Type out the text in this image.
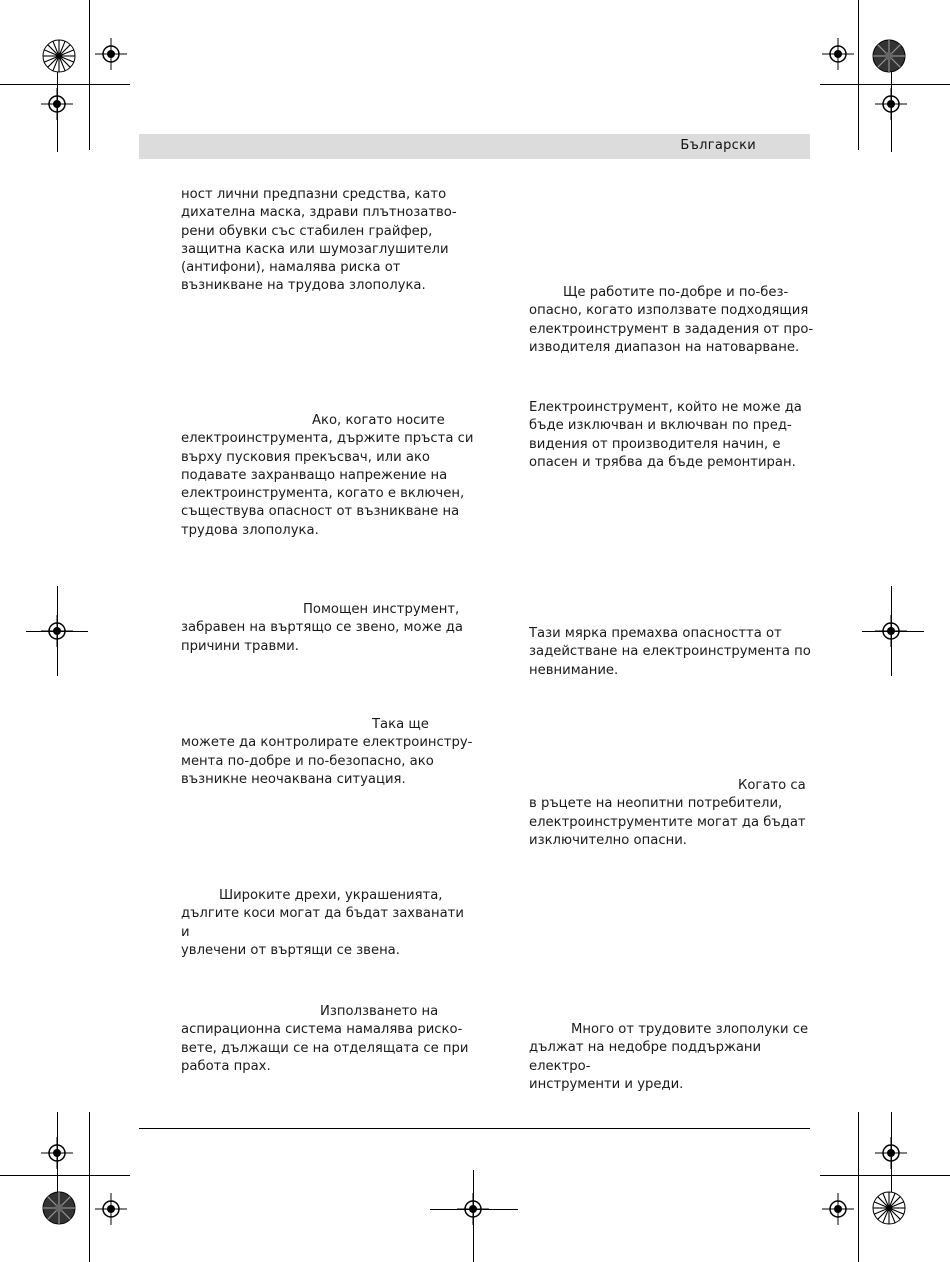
Български

ност лични предпазни средства, като
дихателна маска, здрави плътнозатво-
рени обувки със стабилен грайфер,
защитна каска или шумозаглушители
(антифони), намалява риска от
възникване на трудова злополука.

Ако, когато носите
електроинструмента, държите пръста си
върху пусковия прекъсвач, или ако
подавате захранващо напрежение на
електроинструмента, когато е включен,
съществува опасност от възникване на
трудова злополука.

Помощен инструмент,
забравен на въртящо се звено, може да
причини травми.

Така ще
можете да контролирате електроинстру-
мента по-добре и по-безопасно, ако
възникне неочаквана ситуация.

Широките дрехи, украшенията,
дългите коси могат да бъдат захванати и
увлечени от въртящи се звена.

Използването на
аспирационна система намалява риско-
вете, дължащи се на отделящата се при
работа прах.

Ще работите по-добре и по-без-
опасно, когато използвате подходящия
електроинструмент в зададения от про-
изводителя диапазон на натоварване.

Електроинструмент, който не може да
бъде изключван и включван по пред-
видения от производителя начин, е
опасен и трябва да бъде ремонтиран.

Тази мярка премахва опасността от
задействане на електроинструмента по
невнимание.

Когато са
в ръцете на неопитни потребители,
електроинструментите могат да бъдат
изключително опасни.

Много от трудовите злополуки се
дължат на недобре поддържани електро-
инструменти и уреди.
